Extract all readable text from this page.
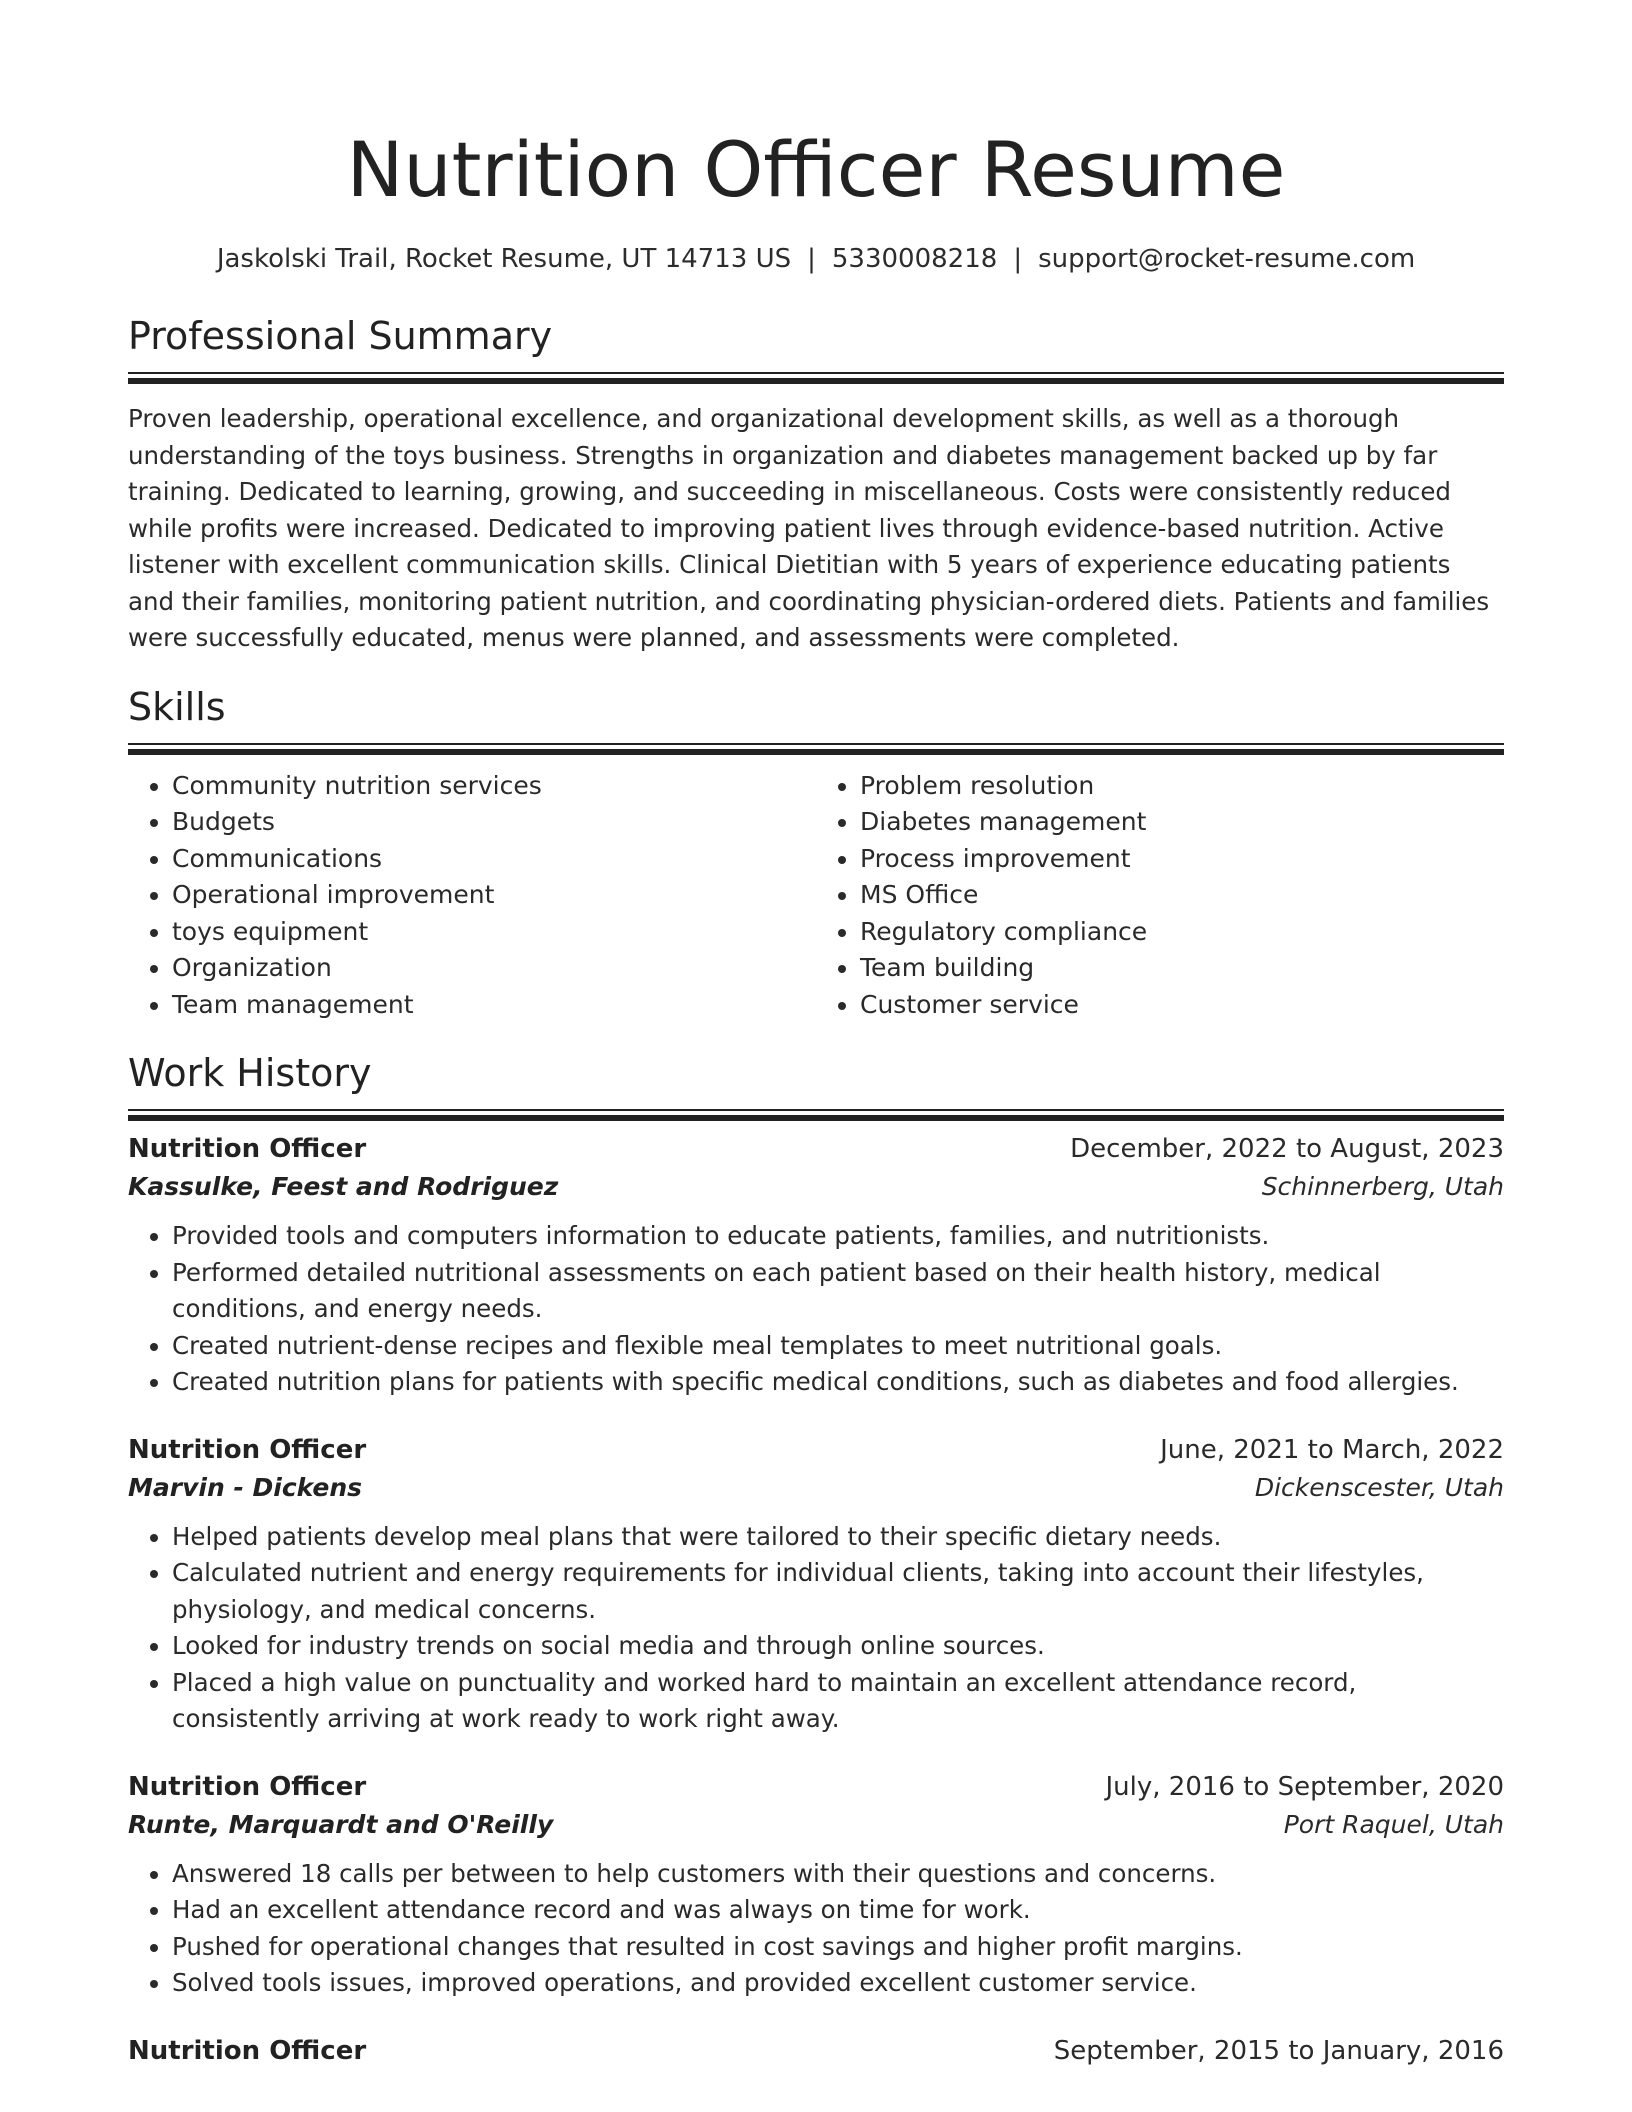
Nutrition Officer Resume
Jaskolski Trail, Rocket Resume, UT 14713 US | 5330008218 | support@rocket-resume.com
Professional Summary
Proven leadership, operational excellence, and organizational development skills, as well as a thorough understanding of the toys business. Strengths in organization and diabetes management backed up by far training. Dedicated to learning, growing, and succeeding in miscellaneous. Costs were consistently reduced while profits were increased. Dedicated to improving patient lives through evidence-based nutrition. Active listener with excellent communication skills. Clinical Dietitian with 5 years of experience educating patients and their families, monitoring patient nutrition, and coordinating physician-ordered diets. Patients and families were successfully educated, menus were planned, and assessments were completed.
Skills
• Community nutrition services
• Budgets
• Communications
• Operational improvement
• toys equipment
• Organization
• Team management
• Problem resolution
• Diabetes management
• Process improvement
• MS Office
• Regulatory compliance
• Team building
• Customer service
Work History
Nutrition Officer	December, 2022 to August, 2023
Kassulke, Feest and Rodriguez	Schinnerberg, Utah
• Provided tools and computers information to educate patients, families, and nutritionists.
• Performed detailed nutritional assessments on each patient based on their health history, medical conditions, and energy needs.
• Created nutrient-dense recipes and flexible meal templates to meet nutritional goals.
• Created nutrition plans for patients with specific medical conditions, such as diabetes and food allergies.
Nutrition Officer	June, 2021 to March, 2022
Marvin - Dickens	Dickenscester, Utah
• Helped patients develop meal plans that were tailored to their specific dietary needs.
• Calculated nutrient and energy requirements for individual clients, taking into account their lifestyles, physiology, and medical concerns.
• Looked for industry trends on social media and through online sources.
• Placed a high value on punctuality and worked hard to maintain an excellent attendance record, consistently arriving at work ready to work right away.
Nutrition Officer	July, 2016 to September, 2020
Runte, Marquardt and O'Reilly	Port Raquel, Utah
• Answered 18 calls per between to help customers with their questions and concerns.
• Had an excellent attendance record and was always on time for work.
• Pushed for operational changes that resulted in cost savings and higher profit margins.
• Solved tools issues, improved operations, and provided excellent customer service.
Nutrition Officer	September, 2015 to January, 2016
